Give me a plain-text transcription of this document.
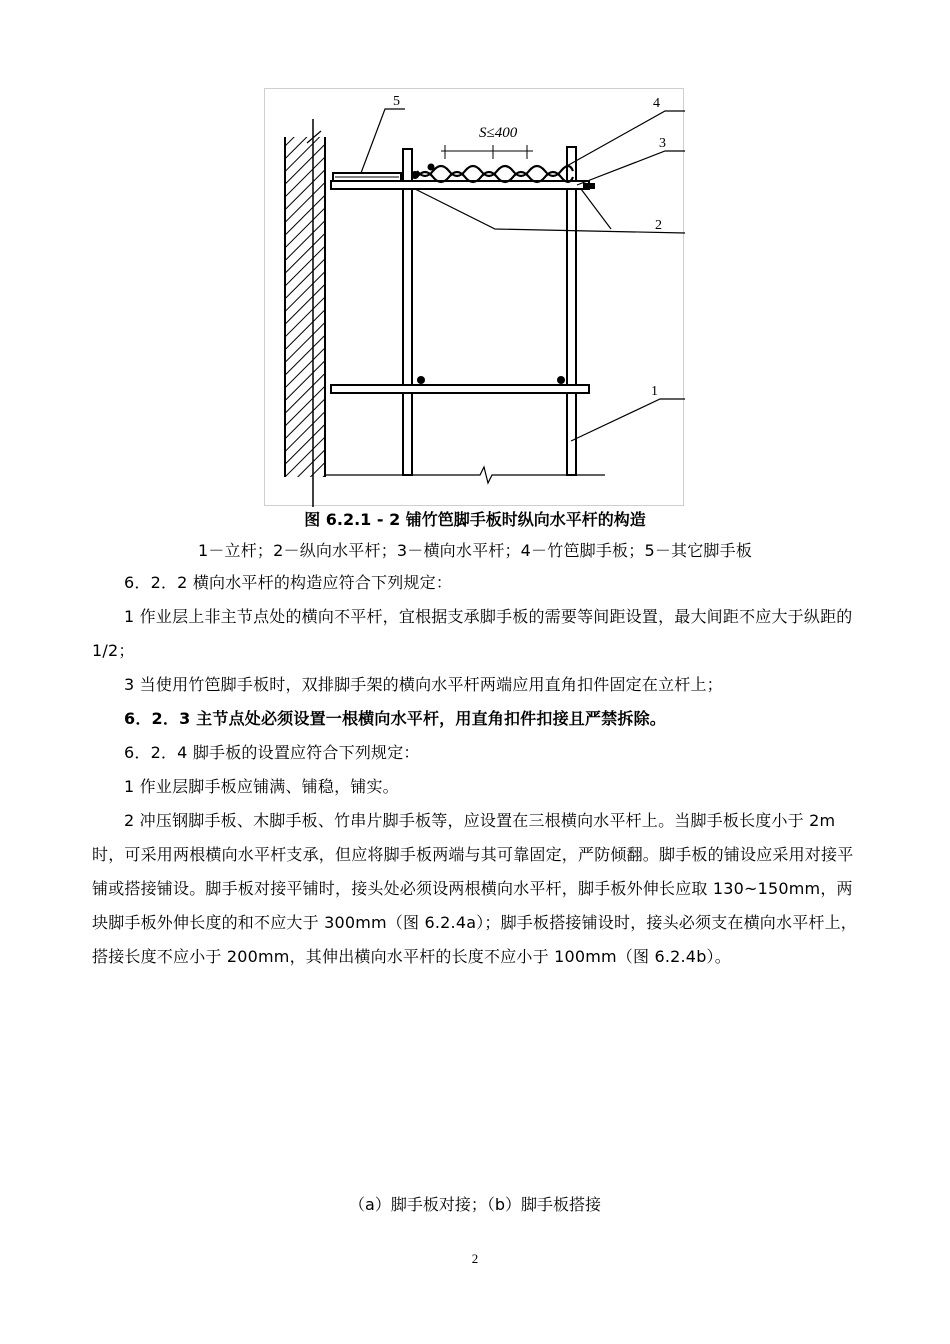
S≤400
5	4
3
2
1
图 6.2.1 - 2 铺竹笆脚手板时纵向水平杆的构造
1－立杆；2－纵向水平杆；3－横向水平杆；4－竹笆脚手板；5－其它脚手板

6．2．2 横向水平杆的构造应符合下列规定：

1 作业层上非主节点处的横向不平杆，宜根据支承脚手板的需要等间距设置，最大间距不应大于纵距的 1/2；

3 当使用竹笆脚手板时，双排脚手架的横向水平杆两端应用直角扣件固定在立杆上；

6．2．3 主节点处必须设置一根横向水平杆，用直角扣件扣接且严禁拆除。

6．2．4 脚手板的设置应符合下列规定：

1 作业层脚手板应铺满、铺稳，铺实。

2 冲压钢脚手板、木脚手板、竹串片脚手板等，应设置在三根横向水平杆上。当脚手板长度小于 2m 时，可采用两根横向水平杆支承，但应将脚手板两端与其可靠固定，严防倾翻。脚手板的铺设应采用对接平铺或搭接铺设。脚手板对接平铺时，接头处必须设两根横向水平杆，脚手板外伸长应取 130~150mm，两块脚手板外伸长度的和不应大于 300mm（图 6.2.4a）；脚手板搭接铺设时，接头必须支在横向水平杆上，搭接长度不应小于 200mm，其伸出横向水平杆的长度不应小于 100mm（图 6.2.4b）。

（a）脚手板对接；（b）脚手板搭接
2
